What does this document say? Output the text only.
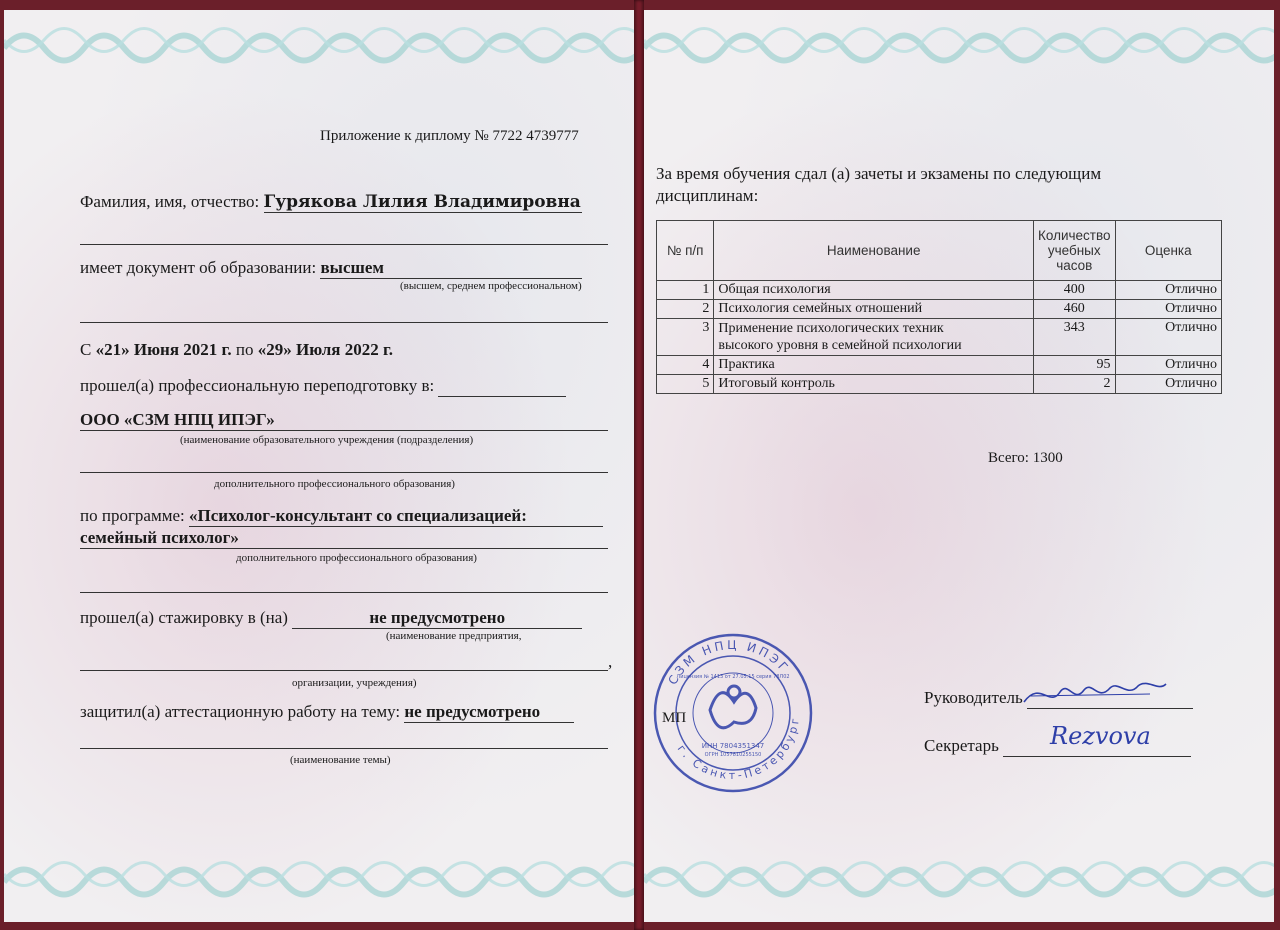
Приложение к диплому № 7722 4739777
Фамилия, имя, отчество: Гурякова Лилия Владимировна
имеет документ об образовании: высшем
(высшем, среднем профессиональном)
С «21» Июня 2021 г. по «29» Июля 2022 г.
прошел(а) профессиональную переподготовку в:
ООО «СЗМ НПЦ ИПЭГ»
(наименование образовательного учреждения (подразделения)
дополнительного профессионального образования)
по программе: «Психолог-консультант со специализацией:
семейный психолог»
дополнительного профессионального образования)
прошел(а) стажировку в (на)	не предусмотрено
(наименование предприятия,
,
организации, учреждения)
защитил(а) аттестационную работу на тему: не предусмотрено
(наименование темы)
За время обучения сдал (а) зачеты и экзамены по следующим
дисциплинам:
№ п/п	Наименование	Количество учебных часов	Оценка
1	Общая психология	400	Отлично
2	Психология семейных отношений	460	Отлично
3	Применение психологических техник высокого уровня в семейной психологии	343	Отлично
4	Практика	95	Отлично
5	Итоговый контроль	2	Отлично
Всего: 1300
СЗМ НПЦ ИПЭГ
г. Санкт-Петербург
ИНН 7804351347
Лицензия № 1413 от 27.05.15 серия 78Л02
ОГРН 1057810255150
МП
Руководитель
Секретарь	Rezvova
